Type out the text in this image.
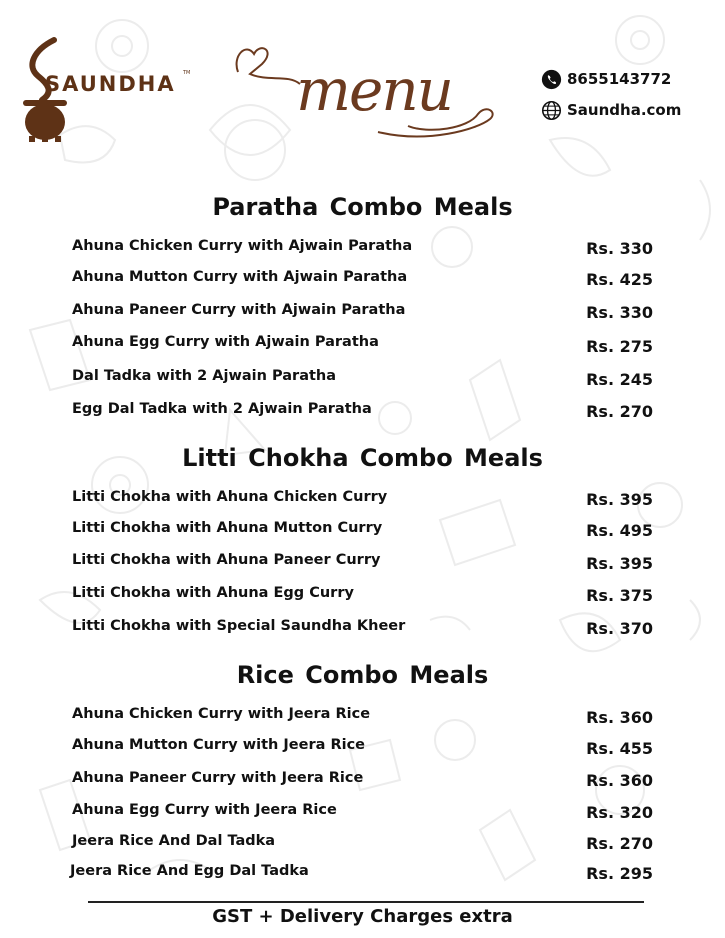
SAUNDHA TM menu	8655143772
Saundha.com
Paratha Combo Meals
Ahuna Chicken Curry with Ajwain Paratha	Rs. 330
Ahuna Mutton Curry with Ajwain Paratha	Rs. 425
Ahuna Paneer Curry with Ajwain Paratha	Rs. 330
Ahuna Egg Curry with Ajwain Paratha	Rs. 275
Dal Tadka with 2 Ajwain Paratha	Rs. 245
Egg Dal Tadka with 2 Ajwain Paratha	Rs. 270
Litti Chokha Combo Meals
Litti Chokha with Ahuna Chicken Curry	Rs. 395
Litti Chokha with Ahuna Mutton Curry	Rs. 495
Litti Chokha with Ahuna Paneer Curry	Rs. 395
Litti Chokha with Ahuna Egg Curry	Rs. 375
Litti Chokha with Special Saundha Kheer	Rs. 370
Rice Combo Meals
Ahuna Chicken Curry with Jeera Rice	Rs. 360
Ahuna Mutton Curry with Jeera Rice	Rs. 455
Ahuna Paneer Curry with Jeera Rice	Rs. 360
Ahuna Egg Curry with Jeera Rice	Rs. 320
Jeera Rice And Dal Tadka	Rs. 270
Jeera Rice And Egg Dal Tadka	Rs. 295
GST + Delivery Charges extra
